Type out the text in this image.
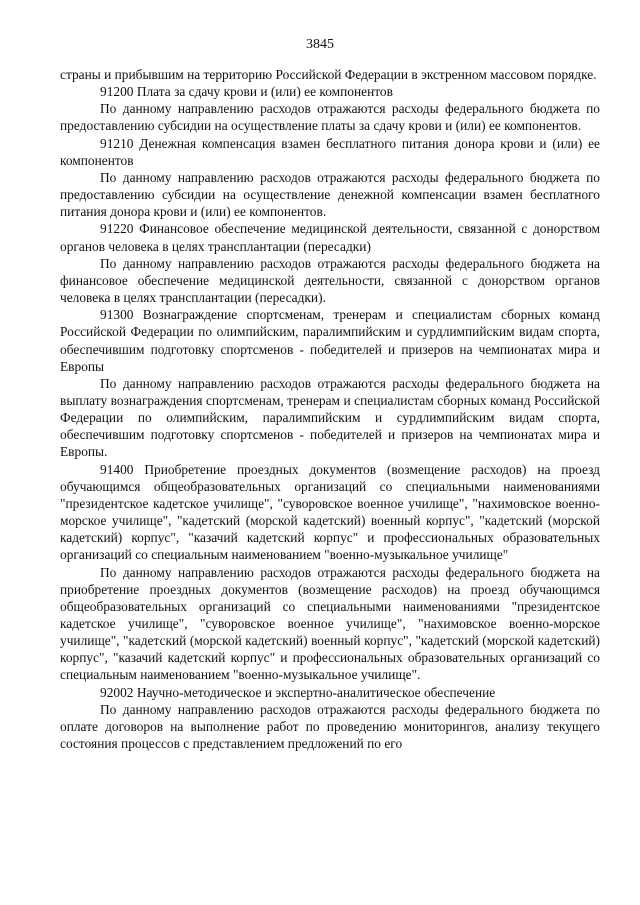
3845

страны и прибывшим на территорию Российской Федерации в экстренном массовом порядке.

91200 Плата за сдачу крови и (или) ее компонентов

По данному направлению расходов отражаются расходы федерального бюджета по предоставлению субсидии на осуществление платы за сдачу крови и (или) ее компонентов.

91210 Денежная компенсация взамен бесплатного питания донора крови и (или) ее компонентов

По данному направлению расходов отражаются расходы федерального бюджета по предоставлению субсидии на осуществление денежной компенсации взамен бесплатного питания донора крови и (или) ее компонентов.

91220 Финансовое обеспечение медицинской деятельности, связанной с донорством органов человека в целях трансплантации (пересадки)

По данному направлению расходов отражаются расходы федерального бюджета на финансовое обеспечение медицинской деятельности, связанной с донорством органов человека в целях трансплантации (пересадки).

91300 Вознаграждение спортсменам, тренерам и специалистам сборных команд Российской Федерации по олимпийским, паралимпийским и сурдлимпийским видам спорта, обеспечившим подготовку спортсменов - победителей и призеров на чемпионатах мира и Европы

По данному направлению расходов отражаются расходы федерального бюджета на выплату вознаграждения спортсменам, тренерам и специалистам сборных команд Российской Федерации по олимпийским, паралимпийским и сурдлимпийским видам спорта, обеспечившим подготовку спортсменов - победителей и призеров на чемпионатах мира и Европы.

91400 Приобретение проездных документов (возмещение расходов) на проезд обучающимся общеобразовательных организаций со специальными наименованиями "президентское кадетское училище", "суворовское военное училище", "нахимовское военно-морское училище", "кадетский (морской кадетский) военный корпус", "кадетский (морской кадетский) корпус", "казачий кадетский корпус" и профессиональных образовательных организаций со специальным наименованием "военно-музыкальное училище"

По данному направлению расходов отражаются расходы федерального бюджета на приобретение проездных документов (возмещение расходов) на проезд обучающимся общеобразовательных организаций со специальными наименованиями "президентское кадетское училище", "суворовское военное училище", "нахимовское военно-морское училище", "кадетский (морской кадетский) военный корпус", "кадетский (морской кадетский) корпус", "казачий кадетский корпус" и профессиональных образовательных организаций со специальным наименованием "военно-музыкальное училище".

92002 Научно-методическое и экспертно-аналитическое обеспечение

По данному направлению расходов отражаются расходы федерального бюджета по оплате договоров на выполнение работ по проведению мониторингов, анализу текущего состояния процессов с представлением предложений по его
